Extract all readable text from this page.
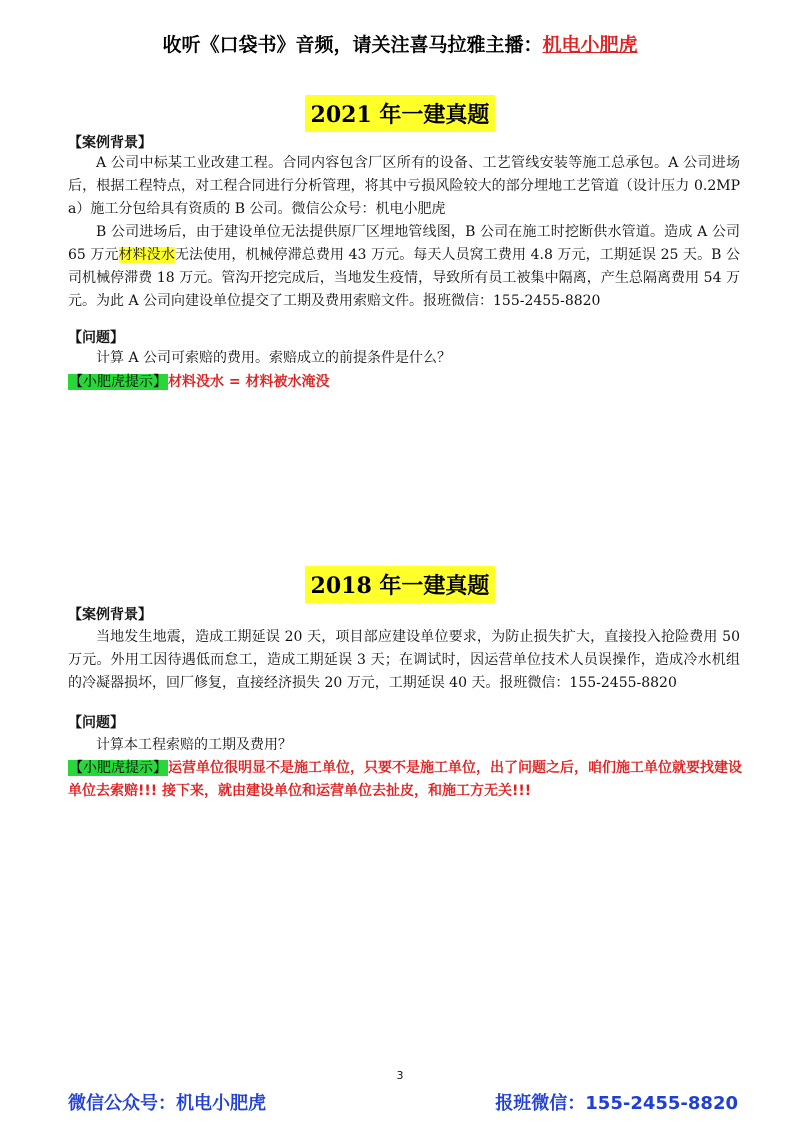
收听《口袋书》音频，请关注喜马拉雅主播：机电小肥虎
2021 年一建真题
【案例背景】
A 公司中标某工业改建工程。合同内容包含厂区所有的设备、工艺管线安装等施工总承包。A 公司进场后，根据工程特点，对工程合同进行分析管理，将其中亏损风险较大的部分埋地工艺管道（设计压力 0.2MPa）施工分包给具有资质的 B 公司。微信公众号：机电小肥虎
B 公司进场后，由于建设单位无法提供原厂区埋地管线图，B 公司在施工时挖断供水管道。造成 A 公司 65 万元材料没水无法使用，机械停滞总费用 43 万元。每天人员窝工费用 4.8 万元，工期延误 25 天。B 公司机械停滞费 18 万元。管沟开挖完成后，当地发生疫情，导致所有员工被集中隔离，产生总隔离费用 54 万元。为此 A 公司向建设单位提交了工期及费用索赔文件。报班微信：155-2455-8820
【问题】
计算 A 公司可索赔的费用。索赔成立的前提条件是什么？
【小肥虎提示】材料没水 = 材料被水淹没
2018 年一建真题
【案例背景】
当地发生地震，造成工期延误 20 天，项目部应建设单位要求，为防止损失扩大，直接投入抢险费用 50 万元。外用工因待遇低而怠工，造成工期延误 3 天；在调试时，因运营单位技术人员误操作，造成冷水机组的冷凝器损坏，回厂修复，直接经济损失 20 万元，工期延误 40 天。报班微信：155-2455-8820
【问题】
计算本工程索赔的工期及费用？
【小肥虎提示】运营单位很明显不是施工单位，只要不是施工单位，出了问题之后，咱们施工单位就要找建设单位去索赔!!! 接下来，就由建设单位和运营单位去扯皮，和施工方无关!!!
3
微信公众号：机电小肥虎	报班微信：155-2455-8820
